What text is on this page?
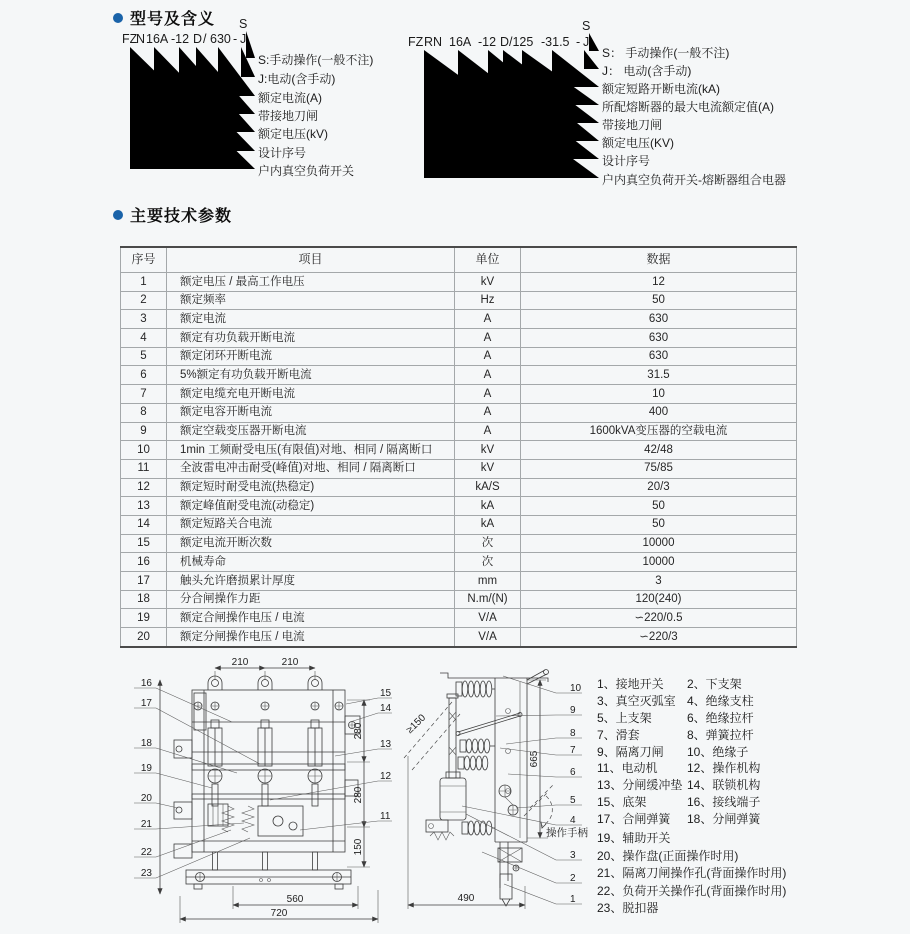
型号及含义 S
FZ
N 16A -12 D / 630 - J
S:手动操作(一般不注)
J:电动(含手动)
额定电流(A)
带接地刀闸
额定电压(kV)
设计序号
户内真空负荷开关
S
FZ RN 16A -12 D /125 -31.5 - J
S： 手动操作(一般不注)
J： 电动(含手动)
额定短路开断电流(kA)
所配熔断器的最大电流额定值(A)
带接地刀闸
额定电压(KV)
设计序号
户内真空负荷开关-熔断器组合电器
主要技术参数
序号	项目	单位	数据
1	额定电压 / 最高工作电压	kV	12
2	额定频率	Hz	50
3	额定电流	A	630
4	额定有功负载开断电流	A	630
5	额定闭环开断电流	A	630
6	5%额定有功负载开断电流	A	31.5
7	额定电缆充电开断电流	A	10
8	额定电容开断电流	A	400
9	额定空载变压器开断电流	A	1600kVA变压器的空载电流
10	1min 工频耐受电压(有限值)对地、相同 / 隔离断口	kV	42/48
11	全波雷电冲击耐受(峰值)对地、相同 / 隔离断口	kV	75/85
12	额定短时耐受电流(热稳定)	kA/S	20/3
13	额定峰值耐受电流(动稳定)	kA	50
14	额定短路关合电流	kA	50
15	额定电流开断次数	次	10000
16	机械寿命	次	10000
17	触头允许磨损累计厚度	mm	3
18	分合闸操作力距	N.m/(N)	120(240)
19	额定合闸操作电压 / 电流	V/A	∽220/0.5
20	额定分闸操作电压 / 电流	V/A	∽220/3
210	210
280
280
150
560
720
16
17
18
19
20
21
22
23
15
14
13
12
11
≥150
665
操作手柄
490
10
9
8
7
6
5
4
3
2
1
1、接地开关	2、下支架
3、真空灭弧室 4、绝缘支柱
5、上支架	6、绝缘拉杆
7、滑套	8、弹簧拉杆
9、隔离刀闸	10、绝缘子
11、电动机	12、操作机构
13、分闸缓冲垫 14、联锁机构
15、底架	16、接线端子
17、合闸弹簧	18、分闸弹簧
19、辅助开关
20、操作盘(正面操作时用)
21、隔离刀闸操作孔(背面操作时用)
22、负荷开关操作孔(背面操作时用)
23、脱扣器
